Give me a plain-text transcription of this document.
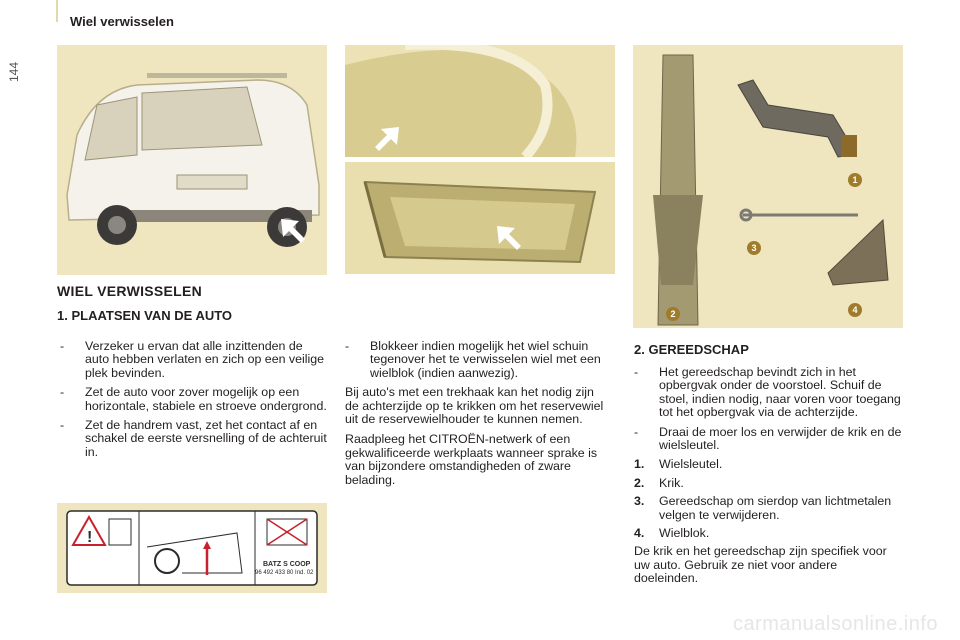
144
Wiel verwisselen
1
2
3
4
WIEL VERWISSELEN
1. PLAATSEN VAN DE AUTO
- Verzeker u ervan dat alle inzittenden de auto hebben verlaten en zich op een veilige plek bevinden.
- Zet de auto voor zover mogelijk op een horizontale, stabiele en stroeve ondergrond.
- Zet de handrem vast, zet het contact af en schakel de eerste versnelling of de achteruit in.
!
BATZ S COOP
96 492 433 80 Ind. 02
- Blokkeer indien mogelijk het wiel schuin tegenover het te verwisselen wiel met een wielblok (indien aanwezig).

Bij auto's met een trekhaak kan het nodig zijn de achterzijde op te krikken om het reservewiel uit de reservewielhouder te kunnen nemen.

Raadpleeg het CITROËN-netwerk of een gekwalificeerde werkplaats wanneer sprake is van bijzondere omstandigheden of zware belading.

2. GEREEDSCHAP
- Het gereedschap bevindt zich in het opbergvak onder de voorstoel. Schuif de stoel, indien nodig, naar voren voor toegang tot het opbergvak via de achterzijde.
- Draai de moer los en verwijder de krik en de wielsleutel.
1. Wielsleutel.
2. Krik.
3. Gereedschap om sierdop van lichtmetalen velgen te verwijderen.
4. Wielblok.

De krik en het gereedschap zijn specifiek voor uw auto. Gebruik ze niet voor andere doeleinden.

carmanualsonline.info
